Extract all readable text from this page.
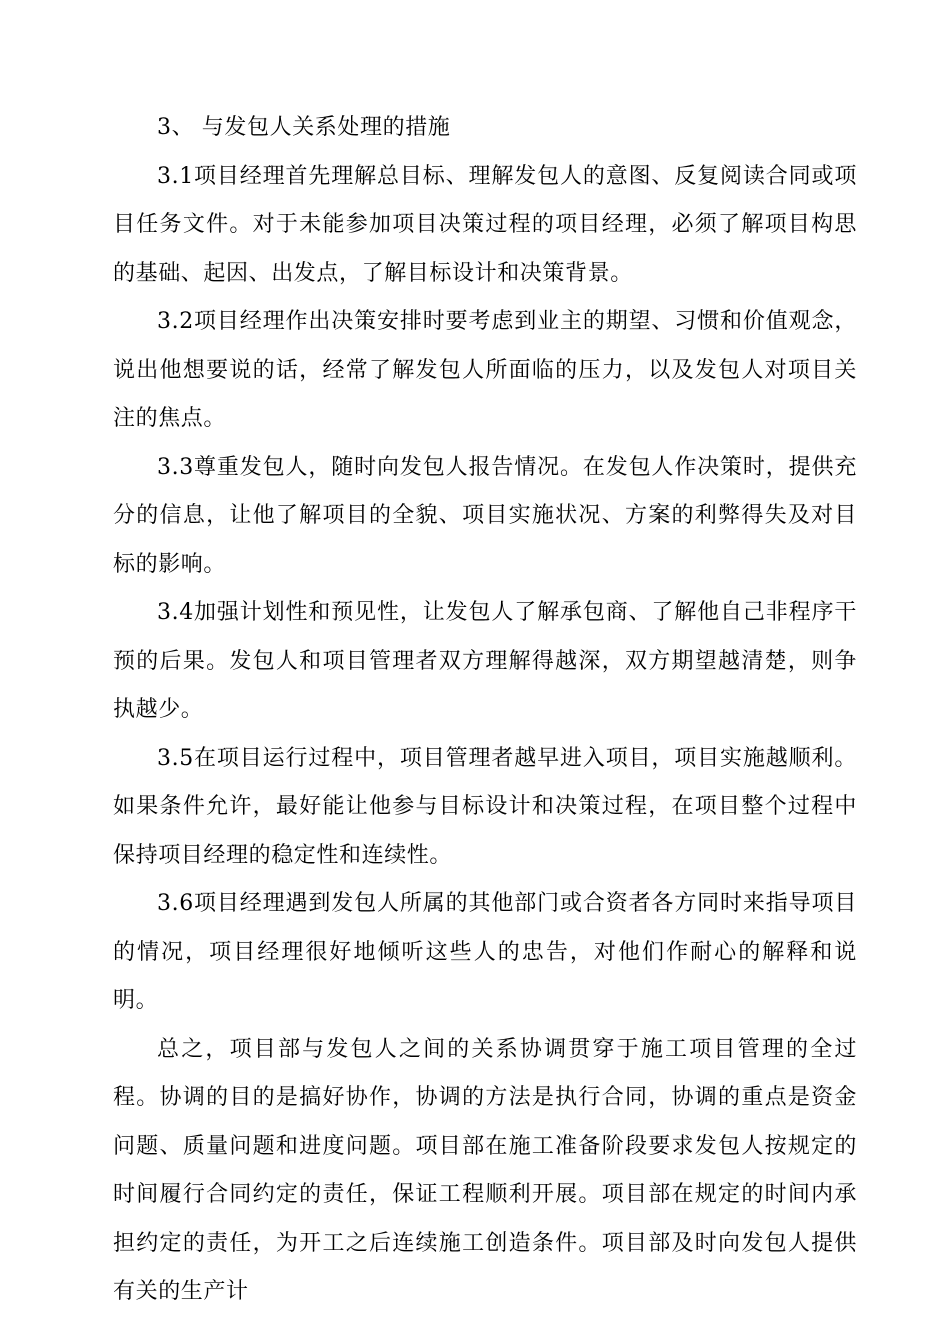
3、 与发包人关系处理的措施

3.1项目经理首先理解总目标、理解发包人的意图、反复阅读合同或项目任务文件。对于未能参加项目决策过程的项目经理，必须了解项目构思的基础、起因、出发点，了解目标设计和决策背景。

3.2项目经理作出决策安排时要考虑到业主的期望、习惯和价值观念，说出他想要说的话，经常了解发包人所面临的压力，以及发包人对项目关注的焦点。

3.3尊重发包人，随时向发包人报告情况。在发包人作决策时，提供充分的信息，让他了解项目的全貌、项目实施状况、方案的利弊得失及对目标的影响。

3.4加强计划性和预见性，让发包人了解承包商、了解他自己非程序干预的后果。发包人和项目管理者双方理解得越深，双方期望越清楚，则争执越少。

3.5在项目运行过程中，项目管理者越早进入项目，项目实施越顺利。如果条件允许，最好能让他参与目标设计和决策过程，在项目整个过程中保持项目经理的稳定性和连续性。

3.6项目经理遇到发包人所属的其他部门或合资者各方同时来指导项目的情况，项目经理很好地倾听这些人的忠告，对他们作耐心的解释和说明。

总之，项目部与发包人之间的关系协调贯穿于施工项目管理的全过程。协调的目的是搞好协作，协调的方法是执行合同，协调的重点是资金问题、质量问题和进度问题。项目部在施工准备阶段要求发包人按规定的时间履行合同约定的责任，保证工程顺利开展。项目部在规定的时间内承担约定的责任，为开工之后连续施工创造条件。项目部及时向发包人提供有关的生产计
